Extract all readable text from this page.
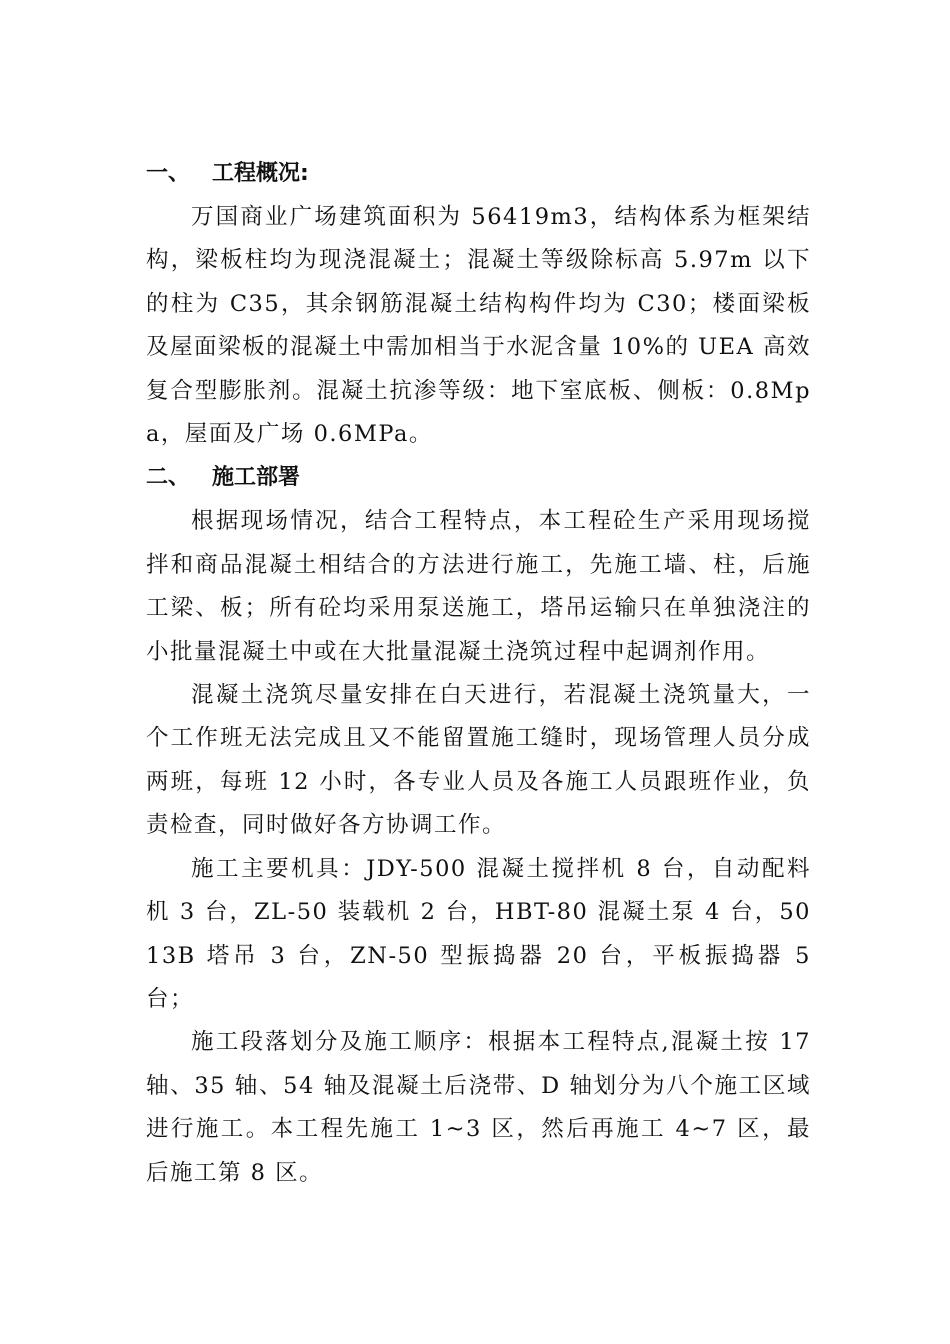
一、 工程概况:

万国商业广场建筑面积为 56419m3，结构体系为框架结构，梁板柱均为现浇混凝土；混凝土等级除标高 5.97m 以下的柱为 C35，其余钢筋混凝土结构构件均为 C30；楼面梁板及屋面梁板的混凝土中需加相当于水泥含量 10%的 UEA 高效复合型膨胀剂。混凝土抗渗等级：地下室底板、侧板：0.8Mpa，屋面及广场 0.6MPa。

二、 施工部署

根据现场情况，结合工程特点，本工程砼生产采用现场搅拌和商品混凝土相结合的方法进行施工，先施工墙、柱，后施工梁、板；所有砼均采用泵送施工，塔吊运输只在单独浇注的小批量混凝土中或在大批量混凝土浇筑过程中起调剂作用。

混凝土浇筑尽量安排在白天进行，若混凝土浇筑量大，一个工作班无法完成且又不能留置施工缝时，现场管理人员分成两班，每班 12 小时，各专业人员及各施工人员跟班作业，负责检查，同时做好各方协调工作。

施工主要机具：JDY-500 混凝土搅拌机 8 台，自动配料机 3 台，ZL-50 装载机 2 台，HBT-80 混凝土泵 4 台，5013B 塔吊 3 台，ZN-50 型振捣器 20 台，平板振捣器 5 台；

施工段落划分及施工顺序：根据本工程特点,混凝土按 17 轴、35 轴、54 轴及混凝土后浇带、D 轴划分为八个施工区域进行施工。本工程先施工 1~3 区，然后再施工 4~7 区，最后施工第 8 区。
